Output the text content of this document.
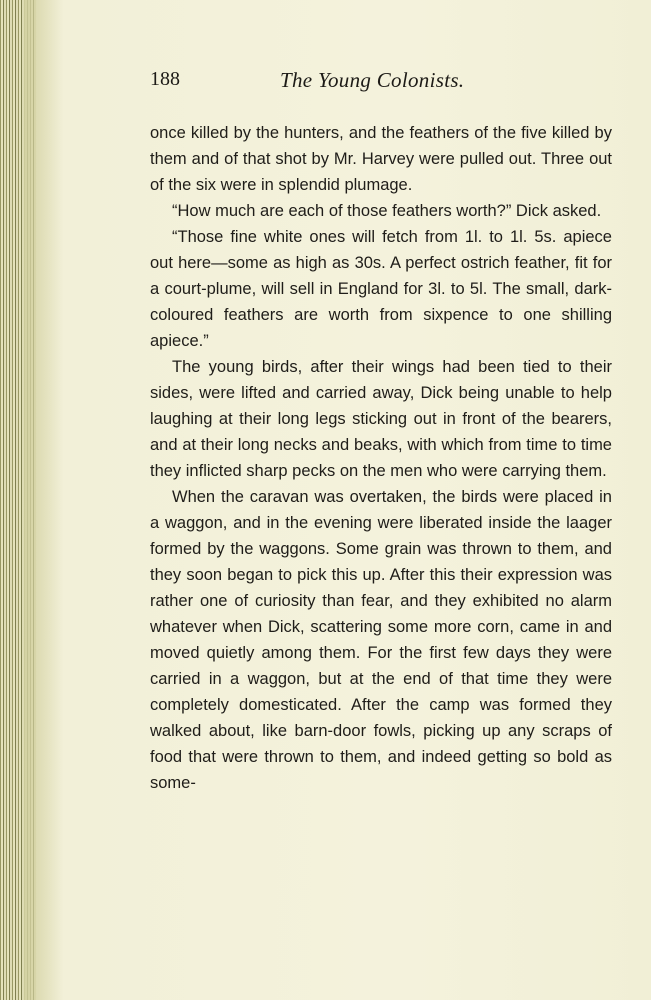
188	The Young Colonists.

once killed by the hunters, and the feathers of the five killed by them and of that shot by Mr. Harvey were pulled out. Three out of the six were in splendid plumage.

“How much are each of those feathers worth?” Dick asked.

“Those fine white ones will fetch from 1l. to 1l. 5s. apiece out here—some as high as 30s. A perfect ostrich feather, fit for a court-plume, will sell in England for 3l. to 5l. The small, dark-coloured feathers are worth from sixpence to one shilling apiece.”

The young birds, after their wings had been tied to their sides, were lifted and carried away, Dick being unable to help laughing at their long legs sticking out in front of the bearers, and at their long necks and beaks, with which from time to time they inflicted sharp pecks on the men who were carrying them.

When the caravan was overtaken, the birds were placed in a waggon, and in the evening were liberated inside the laager formed by the waggons. Some grain was thrown to them, and they soon began to pick this up. After this their expression was rather one of curiosity than fear, and they exhibited no alarm whatever when Dick, scattering some more corn, came in and moved quietly among them. For the first few days they were carried in a waggon, but at the end of that time they were completely domesticated. After the camp was formed they walked about, like barn-door fowls, picking up any scraps of food that were thrown to them, and indeed getting so bold as some-
